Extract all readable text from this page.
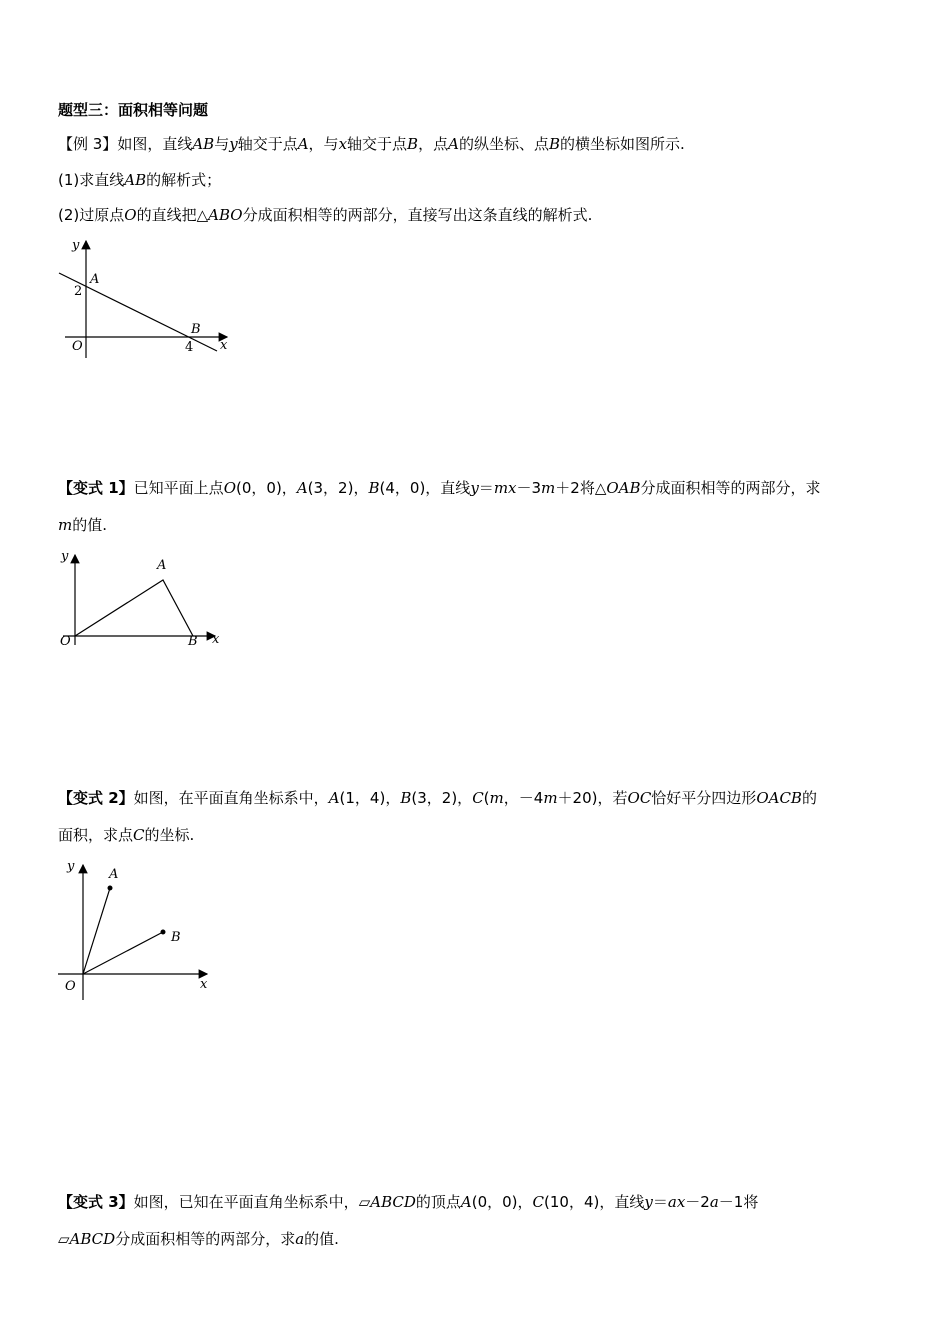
题型三：面积相等问题
【例 3】如图，直线AB与y轴交于点A，与x轴交于点B，点A的纵坐标、点B的横坐标如图所示.
(1)求直线AB的解析式；
(2)过原点O的直线把△ABO分成面积相等的两部分，直接写出这条直线的解析式.
y
A
2
B
O	4 x
【变式 1】已知平面上点O(0，0)，A(3，2)，B(4，0)，直线y＝mx－3m＋2将△OAB分成面积相等的两部分，求
m的值.
y
A
O	B x
【变式 2】如图，在平面直角坐标系中，A(1，4)，B(3，2)，C(m，－4m＋20)，若OC恰好平分四边形OACB的
面积，求点C的坐标.
y
A
B
O	x
【变式 3】如图，已知在平面直角坐标系中，▱ABCD的顶点A(0，0)，C(10，4)，直线y＝ax－2a－1将
▱ABCD分成面积相等的两部分，求a的值.
